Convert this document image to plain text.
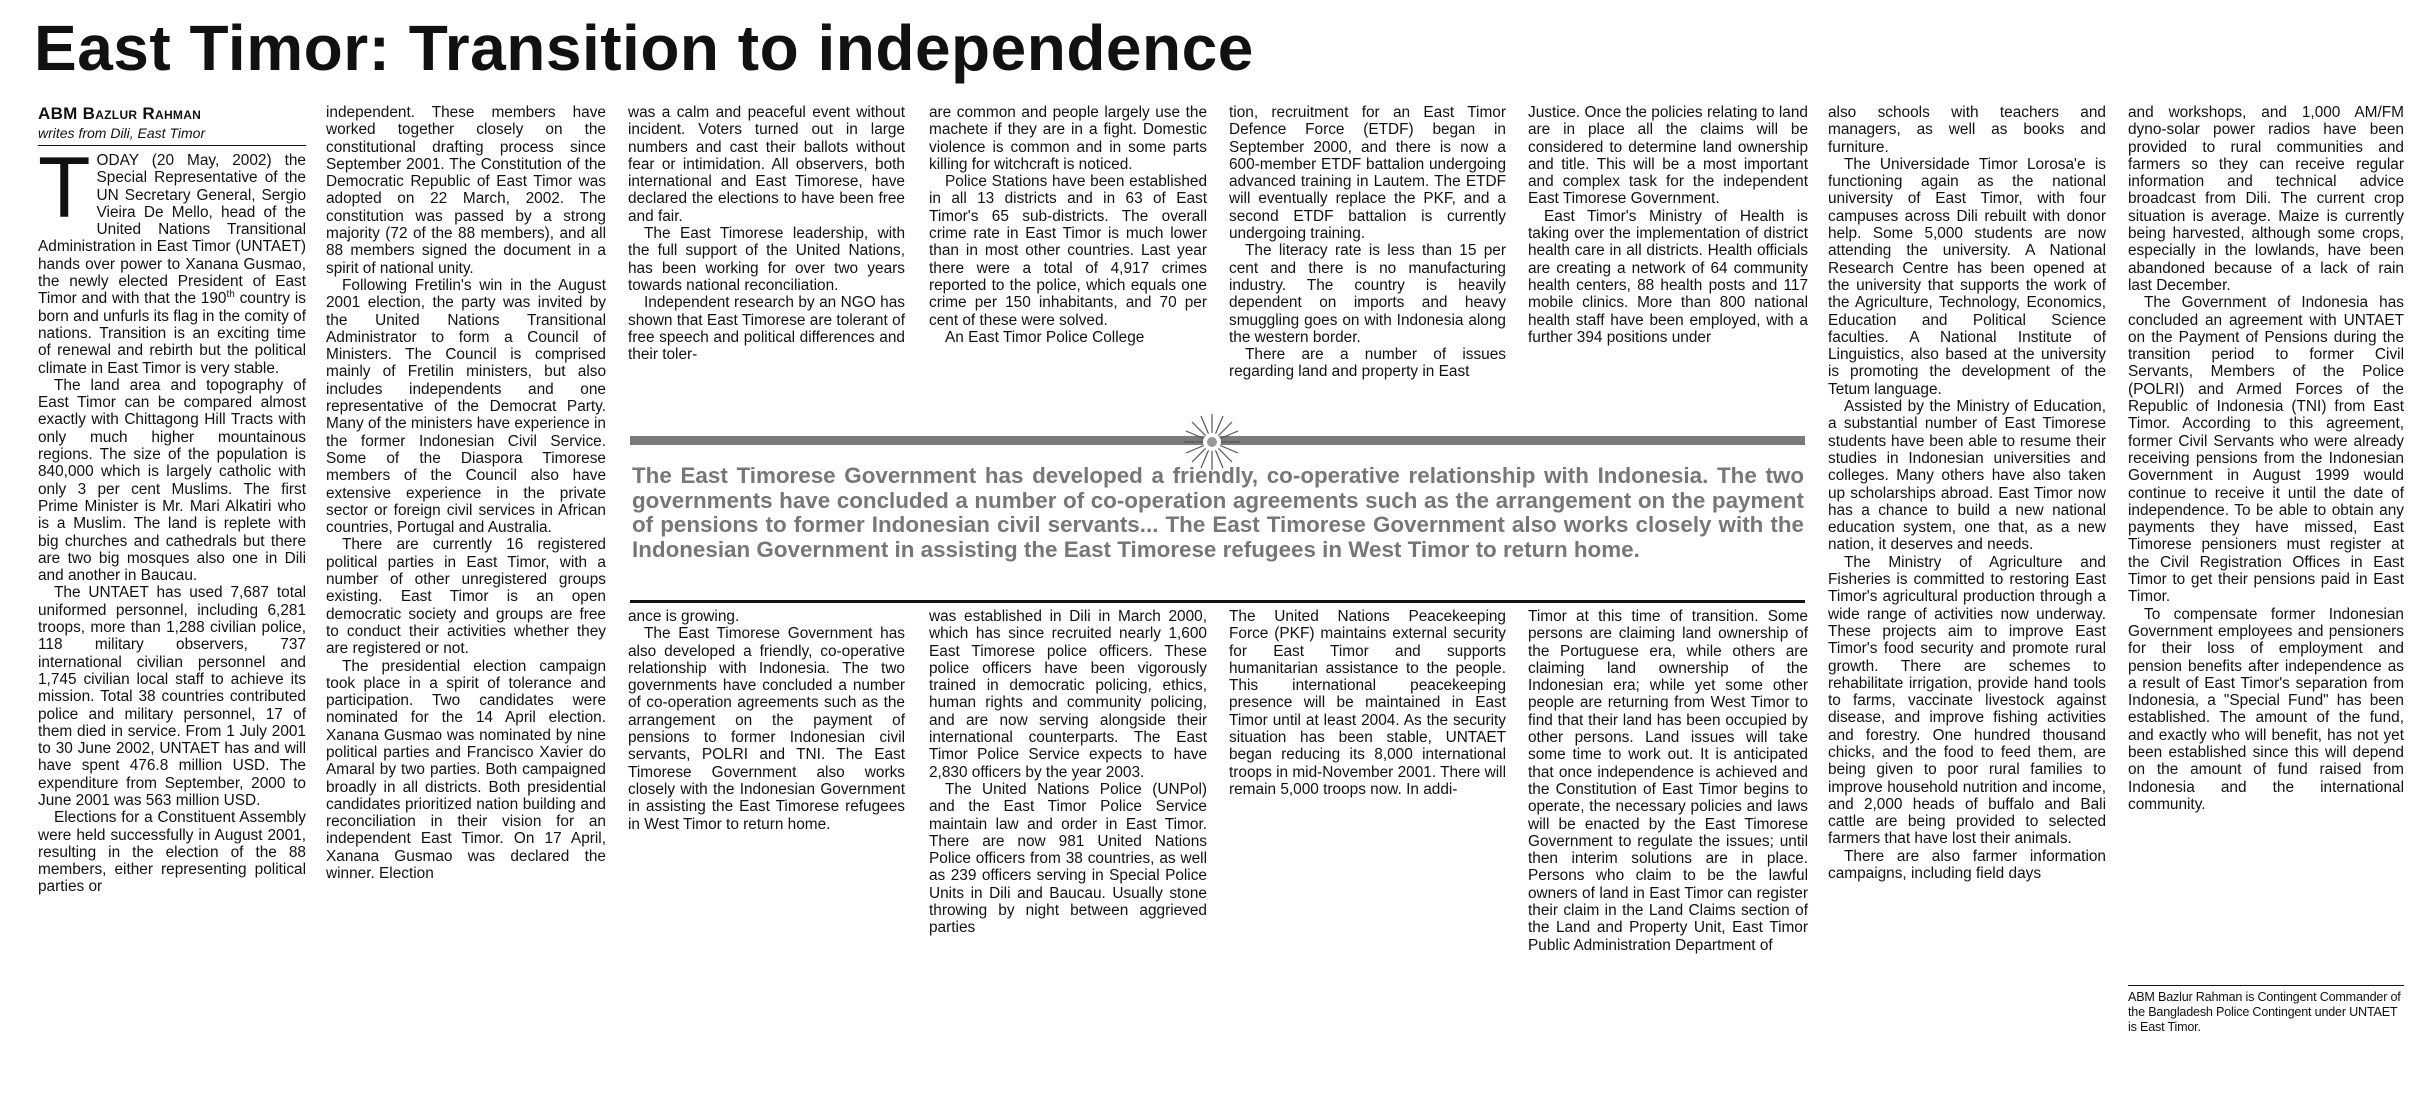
East Timor: Transition to independence
ABM Bazlur Rahman
writes from Dili, East Timor

TODAY (20 May, 2002) the Special Representative of the UN Secretary General, Sergio Vieira De Mello, head of the United Nations Transitional Administration in East Timor (UNTAET) hands over power to Xanana Gusmao, the newly elected President of East Timor and with that the 190th country is born and unfurls its flag in the comity of nations. Transition is an exciting time of renewal and rebirth but the political climate in East Timor is very stable.

The land area and topography of East Timor can be compared almost exactly with Chittagong Hill Tracts with only much higher mountainous regions. The size of the population is 840,000 which is largely catholic with only 3 per cent Muslims. The first Prime Minister is Mr. Mari Alkatiri who is a Muslim. The land is replete with big churches and cathedrals but there are two big mosques also one in Dili and another in Baucau.

The UNTAET has used 7,687 total uniformed personnel, including 6,281 troops, more than 1,288 civilian police, 118 military observers, 737 international civilian personnel and 1,745 civilian local staff to achieve its mission. Total 38 countries contributed police and military personnel, 17 of them died in service. From 1 July 2001 to 30 June 2002, UNTAET has and will have spent 476.8 million USD. The expenditure from September, 2000 to June 2001 was 563 million USD.

Elections for a Constituent Assembly were held successfully in August 2001, resulting in the election of the 88 members, either representing political parties or

independent. These members have worked together closely on the constitutional drafting process since September 2001. The Constitution of the Democratic Republic of East Timor was adopted on 22 March, 2002. The constitution was passed by a strong majority (72 of the 88 members), and all 88 members signed the document in a spirit of national unity.

Following Fretilin's win in the August 2001 election, the party was invited by the United Nations Transitional Administrator to form a Council of Ministers. The Council is comprised mainly of Fretilin ministers, but also includes independents and one representative of the Democrat Party. Many of the ministers have experience in the former Indonesian Civil Service. Some of the Diaspora Timorese members of the Council also have extensive experience in the private sector or foreign civil services in African countries, Portugal and Australia.

There are currently 16 registered political parties in East Timor, with a number of other unregistered groups existing. East Timor is an open democratic society and groups are free to conduct their activities whether they are registered or not.

The presidential election campaign took place in a spirit of tolerance and participation. Two candidates were nominated for the 14 April election. Xanana Gusmao was nominated by nine political parties and Francisco Xavier do Amaral by two parties. Both campaigned broadly in all districts. Both presidential candidates prioritized nation building and reconciliation in their vision for an independent East Timor. On 17 April, Xanana Gusmao was declared the winner. Election

was a calm and peaceful event without incident. Voters turned out in large numbers and cast their ballots without fear or intimidation. All observers, both international and East Timorese, have declared the elections to have been free and fair.

The East Timorese leadership, with the full support of the United Nations, has been working for over two years towards national reconciliation.

Independent research by an NGO has shown that East Timorese are tolerant of free speech and political differences and their toler-

are common and people largely use the machete if they are in a fight. Domestic violence is common and in some parts killing for witchcraft is noticed.

Police Stations have been established in all 13 districts and in 63 of East Timor's 65 sub-districts. The overall crime rate in East Timor is much lower than in most other countries. Last year there were a total of 4,917 crimes reported to the police, which equals one crime per 150 inhabitants, and 70 per cent of these were solved.

An East Timor Police College

tion, recruitment for an East Timor Defence Force (ETDF) began in September 2000, and there is now a 600-member ETDF battalion undergoing advanced training in Lautem. The ETDF will eventually replace the PKF, and a second ETDF battalion is currently undergoing training.

The literacy rate is less than 15 per cent and there is no manufacturing industry. The country is heavily dependent on imports and heavy smuggling goes on with Indonesia along the western border.

There are a number of issues regarding land and property in East

Justice. Once the policies relating to land are in place all the claims will be considered to determine land ownership and title. This will be a most important and complex task for the independent East Timorese Government.

East Timor's Ministry of Health is taking over the implementation of district health care in all districts. Health officials are creating a network of 64 community health centers, 88 health posts and 117 mobile clinics. More than 800 national health staff have been employed, with a further 394 positions under

The East Timorese Government has developed a friendly, co-operative relationship with Indonesia. The two governments have concluded a number of co-operation agreements such as the arrangement on the payment of pensions to former Indonesian civil servants... The East Timorese Government also works closely with the Indonesian Government in assisting the East Timorese refugees in West Timor to return home.

ance is growing.

The East Timorese Government has also developed a friendly, co-operative relationship with Indonesia. The two governments have concluded a number of co-operation agreements such as the arrangement on the payment of pensions to former Indonesian civil servants, POLRI and TNI. The East Timorese Government also works closely with the Indonesian Government in assisting the East Timorese refugees in West Timor to return home.

was established in Dili in March 2000, which has since recruited nearly 1,600 East Timorese police officers. These police officers have been vigorously trained in democratic policing, ethics, human rights and community policing, and are now serving alongside their international counterparts. The East Timor Police Service expects to have 2,830 officers by the year 2003.

The United Nations Police (UNPol) and the East Timor Police Service maintain law and order in East Timor. There are now 981 United Nations Police officers from 38 countries, as well as 239 officers serving in Special Police Units in Dili and Baucau. Usually stone throwing by night between aggrieved parties

The United Nations Peacekeeping Force (PKF) maintains external security for East Timor and supports humanitarian assistance to the people. This international peacekeeping presence will be maintained in East Timor until at least 2004. As the security situation has been stable, UNTAET began reducing its 8,000 international troops in mid-November 2001. There will remain 5,000 troops now. In addi-

Timor at this time of transition. Some persons are claiming land ownership of the Portuguese era, while others are claiming land ownership of the Indonesian era; while yet some other people are returning from West Timor to find that their land has been occupied by other persons. Land issues will take some time to work out. It is anticipated that once independence is achieved and the Constitution of East Timor begins to operate, the necessary policies and laws will be enacted by the East Timorese Government to regulate the issues; until then interim solutions are in place. Persons who claim to be the lawful owners of land in East Timor can register their claim in the Land Claims section of the Land and Property Unit, East Timor Public Administration Department of

also schools with teachers and managers, as well as books and furniture.

The Universidade Timor Lorosa'e is functioning again as the national university of East Timor, with four campuses across Dili rebuilt with donor help. Some 5,000 students are now attending the university. A National Research Centre has been opened at the university that supports the work of the Agriculture, Technology, Economics, Education and Political Science faculties. A National Institute of Linguistics, also based at the university is promoting the development of the Tetum language.

Assisted by the Ministry of Education, a substantial number of East Timorese students have been able to resume their studies in Indonesian universities and colleges. Many others have also taken up scholarships abroad. East Timor now has a chance to build a new national education system, one that, as a new nation, it deserves and needs.

The Ministry of Agriculture and Fisheries is committed to restoring East Timor's agricultural production through a wide range of activities now underway. These projects aim to improve East Timor's food security and promote rural growth. There are schemes to rehabilitate irrigation, provide hand tools to farms, vaccinate livestock against disease, and improve fishing activities and forestry. One hundred thousand chicks, and the food to feed them, are being given to poor rural families to improve household nutrition and income, and 2,000 heads of buffalo and Bali cattle are being provided to selected farmers that have lost their animals.

There are also farmer information campaigns, including field days

and workshops, and 1,000 AM/FM dyno-solar power radios have been provided to rural communities and farmers so they can receive regular information and technical advice broadcast from Dili. The current crop situation is average. Maize is currently being harvested, although some crops, especially in the lowlands, have been abandoned because of a lack of rain last December.

The Government of Indonesia has concluded an agreement with UNTAET on the Payment of Pensions during the transition period to former Civil Servants, Members of the Police (POLRI) and Armed Forces of the Republic of Indonesia (TNI) from East Timor. According to this agreement, former Civil Servants who were already receiving pensions from the Indonesian Government in August 1999 would continue to receive it until the date of independence. To be able to obtain any payments they have missed, East Timorese pensioners must register at the Civil Registration Offices in East Timor to get their pensions paid in East Timor.

To compensate former Indonesian Government employees and pensioners for their loss of employment and pension benefits after independence as a result of East Timor's separation from Indonesia, a "Special Fund" has been established. The amount of the fund, and exactly who will benefit, has not yet been established since this will depend on the amount of fund raised from Indonesia and the international community.

ABM Bazlur Rahman is Contingent Commander of the Bangladesh Police Contingent under UNTAET is East Timor.
